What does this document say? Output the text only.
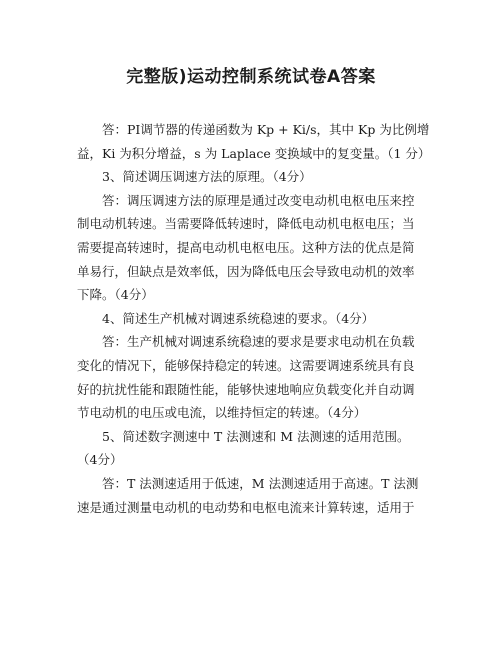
完整版)运动控制系统试卷A答案
答：PI调节器的传递函数为 Kp + Ki/s，其中 Kp 为比例增
益，Ki 为积分增益，s 为 Laplace 变换域中的复变量。（1 分）
3、简述调压调速方法的原理。（4分）
答：调压调速方法的原理是通过改变电动机电枢电压来控
制电动机转速。当需要降低转速时，降低电动机电枢电压；当
需要提高转速时，提高电动机电枢电压。这种方法的优点是简
单易行，但缺点是效率低，因为降低电压会导致电动机的效率
下降。（4分）
4、简述生产机械对调速系统稳速的要求。（4分）
答：生产机械对调速系统稳速的要求是要求电动机在负载
变化的情况下，能够保持稳定的转速。这需要调速系统具有良
好的抗扰性能和跟随性能，能够快速地响应负载变化并自动调
节电动机的电压或电流，以维持恒定的转速。（4分）
5、简述数字测速中 T 法测速和 M 法测速的适用范围。
（4分）
答：T 法测速适用于低速，M 法测速适用于高速。T 法测
速是通过测量电动机的电动势和电枢电流来计算转速，适用于
